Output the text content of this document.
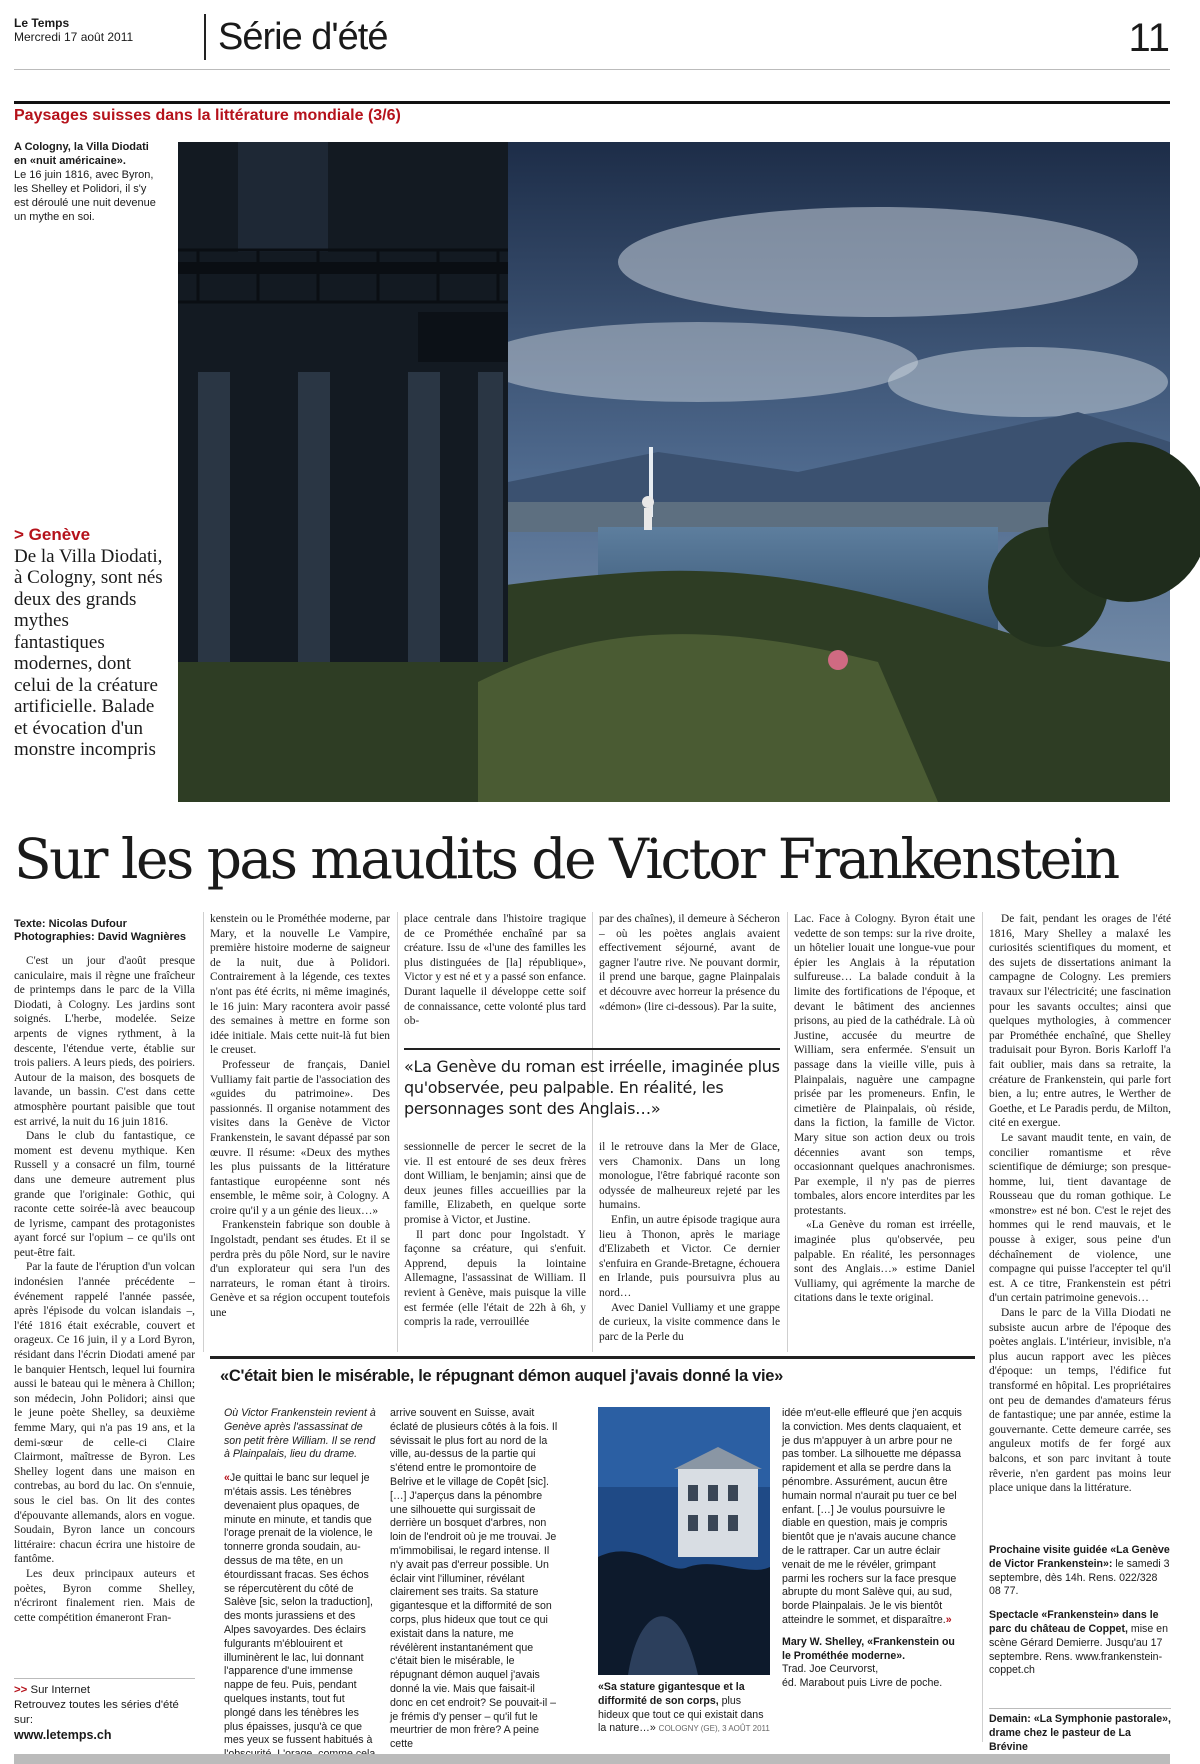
Le Temps
Mercredi 17 août 2011 Série d'été	11
Paysages suisses dans la littérature mondiale (3/6)
A Cologny, la Villa Diodati en «nuit américaine».
Le 16 juin 1816, avec Byron, les Shelley et Polidori, il s'y est déroulé une nuit devenue un mythe en soi.
> Genève
De la Villa Diodati, à Cologny, sont nés deux des grands mythes fantastiques modernes, dont celui de la créature artificielle. Balade et évocation d'un monstre incompris
Sur les pas maudits de Victor Frankenstein
Texte: Nicolas Dufour
Photographies: David Wagnières

C'est un jour d'août presque caniculaire, mais il règne une fraîcheur de printemps dans le parc de la Villa Diodati, à Cologny. Les jardins sont soignés. L'herbe, modelée. Seize arpents de vignes rythment, à la descente, l'étendue verte, établie sur trois paliers. A leurs pieds, des poiriers. Autour de la maison, des bosquets de lavande, un bassin. C'est dans cette atmosphère pourtant paisible que tout est arrivé, la nuit du 16 juin 1816.

Dans le club du fantastique, ce moment est devenu mythique. Ken Russell y a consacré un film, tourné dans une demeure autrement plus grande que l'originale: Gothic, qui raconte cette soirée-là avec beaucoup de lyrisme, campant des protagonistes ayant forcé sur l'opium – ce qu'ils ont peut-être fait.

Par la faute de l'éruption d'un volcan indonésien l'année précédente – événement rappelé l'année passée, après l'épisode du volcan islandais –, l'été 1816 était exécrable, couvert et orageux. Ce 16 juin, il y a Lord Byron, résidant dans l'écrin Diodati amené par le banquier Hentsch, lequel lui fournira aussi le bateau qui le mènera à Chillon; son médecin, John Polidori; ainsi que le jeune poète Shelley, sa deuxième femme Mary, qui n'a pas 19 ans, et la demi-sœur de celle-ci Claire Clairmont, maîtresse de Byron. Les Shelley logent dans une maison en contrebas, au bord du lac. On s'ennuie, sous le ciel bas. On lit des contes d'épouvante allemands, alors en vogue. Soudain, Byron lance un concours littéraire: chacun écrira une histoire de fantôme.

Les deux principaux auteurs et poètes, Byron comme Shelley, n'écriront finalement rien. Mais de cette compétition émaneront Fran-

kenstein ou le Prométhée moderne, par Mary, et la nouvelle Le Vampire, première histoire moderne de saigneur de la nuit, due à Polidori. Contrairement à la légende, ces textes n'ont pas été écrits, ni même imaginés, le 16 juin: Mary racontera avoir passé des semaines à mettre en forme son idée initiale. Mais cette nuit-là fut bien le creuset.

Professeur de français, Daniel Vulliamy fait partie de l'association des «guides du patrimoine». Des passionnés. Il organise notamment des visites dans la Genève de Victor Frankenstein, le savant dépassé par son œuvre. Il résume: «Deux des mythes les plus puissants de la littérature fantastique européenne sont nés ensemble, le même soir, à Cologny. A croire qu'il y a un génie des lieux…»

Frankenstein fabrique son double à Ingolstadt, pendant ses études. Et il se perdra près du pôle Nord, sur le navire d'un explorateur qui sera l'un des narrateurs, le roman étant à tiroirs. Genève et sa région occupent toutefois une

place centrale dans l'histoire tragique de ce Prométhée enchaîné par sa créature. Issu de «l'une des familles les plus distinguées de [la] république», Victor y est né et y a passé son enfance. Durant laquelle il développe cette soif de connaissance, cette volonté plus tard ob-

par des chaînes), il demeure à Sécheron – où les poètes anglais avaient effectivement séjourné, avant de gagner l'autre rive. Ne pouvant dormir, il prend une barque, gagne Plainpalais et découvre avec horreur la présence du «démon» (lire ci-dessous). Par la suite,

«La Genève du roman est irréelle, imaginée plus qu'observée, peu palpable. En réalité, les personnages sont des Anglais…»

sessionnelle de percer le secret de la vie. Il est entouré de ses deux frères dont William, le benjamin; ainsi que de deux jeunes filles accueillies par la famille, Elizabeth, en quelque sorte promise à Victor, et Justine.

Il part donc pour Ingolstadt. Y façonne sa créature, qui s'enfuit. Apprend, depuis la lointaine Allemagne, l'assassinat de William. Il revient à Genève, mais puisque la ville est fermée (elle l'était de 22h à 6h, y compris la rade, verrouillée

il le retrouve dans la Mer de Glace, vers Chamonix. Dans un long monologue, l'être fabriqué raconte son odyssée de malheureux rejeté par les humains.

Enfin, un autre épisode tragique aura lieu à Thonon, après le mariage d'Elizabeth et Victor. Ce dernier s'enfuira en Grande-Bretagne, échouera en Irlande, puis poursuivra plus au nord…

Avec Daniel Vulliamy et une grappe de curieux, la visite commence dans le parc de la Perle du

Lac. Face à Cologny. Byron était une vedette de son temps: sur la rive droite, un hôtelier louait une longue-vue pour épier les Anglais à la réputation sulfureuse… La balade conduit à la limite des fortifications de l'époque, et devant le bâtiment des anciennes prisons, au pied de la cathédrale. Là où Justine, accusée du meurtre de William, sera enfermée. S'ensuit un passage dans la vieille ville, puis à Plainpalais, naguère une campagne prisée par les promeneurs. Enfin, le cimetière de Plainpalais, où réside, dans la fiction, la famille de Victor. Mary situe son action deux ou trois décennies avant son temps, occasionnant quelques anachronismes. Par exemple, il n'y pas de pierres tombales, alors encore interdites par les protestants.

«La Genève du roman est irréelle, imaginée plus qu'observée, peu palpable. En réalité, les personnages sont des Anglais…» estime Daniel Vulliamy, qui agrémente la marche de citations dans le texte original.

De fait, pendant les orages de l'été 1816, Mary Shelley a malaxé les curiosités scientifiques du moment, et des sujets de dissertations animant la campagne de Cologny. Les premiers travaux sur l'électricité; une fascination pour les savants occultes; ainsi que quelques mythologies, à commencer par Prométhée enchaîné, que Shelley traduisait pour Byron. Boris Karloff l'a fait oublier, mais dans sa retraite, la créature de Frankenstein, qui parle fort bien, a lu; entre autres, le Werther de Goethe, et Le Paradis perdu, de Milton, cité en exergue.

Le savant maudit tente, en vain, de concilier romantisme et rêve scientifique de démiurge; son presque-homme, lui, tient davantage de Rousseau que du roman gothique. Le «monstre» est né bon. C'est le rejet des hommes qui le rend mauvais, et le pousse à exiger, sous peine d'un déchaînement de violence, une compagne qui puisse l'accepter tel qu'il est. A ce titre, Frankenstein est pétri d'un certain patrimoine genevois…

Dans le parc de la Villa Diodati ne subsiste aucun arbre de l'époque des poètes anglais. L'intérieur, invisible, n'a plus aucun rapport avec les pièces d'époque: un temps, l'édifice fut transformé en hôpital. Les propriétaires ont peu de demandes d'amateurs férus de fantastique; une par année, estime la gouvernante. Cette demeure carrée, ses anguleux motifs de fer forgé aux balcons, et son parc invitant à toute rêverie, n'en gardent pas moins leur place unique dans la littérature.

«C'était bien le misérable, le répugnant démon auquel j'avais donné la vie»
Où Victor Frankenstein revient à Genève après l'assassinat de son petit frère William. Il se rend à Plainpalais, lieu du drame.
«Je quittai le banc sur lequel je m'étais assis. Les ténèbres devenaient plus opaques, de minute en minute, et tandis que l'orage prenait de la violence, le tonnerre gronda soudain, au-dessus de ma tête, en un étourdissant fracas. Ses échos se répercutèrent du côté de Salève [sic, selon la traduction], des monts jurassiens et des Alpes savoyardes. Des éclairs fulgurants m'éblouirent et illuminèrent le lac, lui donnant l'apparence d'une immense nappe de feu. Puis, pendant quelques instants, tout fut plongé dans les ténèbres les plus épaisses, jusqu'à ce que mes yeux se fussent habitués à
arrive souvent en Suisse, avait éclaté de plusieurs côtés à la fois. Il sévissait le plus fort au nord de la ville, au-dessus de la partie qui s'étend entre le promontoire de Belrive et le village de Copêt [sic]. […] J'aperçus dans la pénombre une silhouette qui surgissait de derrière un bosquet d'arbres, non loin de l'endroit où je me trouvai. Je m'immobilisai, le regard intense. Il n'y avait pas d'erreur possible. Un éclair vint l'illuminer, révélant clairement ses traits. Sa stature gigantesque et la difformité de son corps, plus hideux que tout ce qui existait dans la nature, me révélèrent instantanément que c'était bien le misérable, le répugnant démon auquel j'avais donné la vie. Mais que faisait-il donc en cet endroit? Se pouvait-il – je frémis d'y penser – qu'il fut le meurtrier de mon frère? A peine cette
«Sa stature gigantesque et la difformité de son corps, plus hideux que tout ce qui existait dans la nature…» COLOGNY (GE), 3 AOÛT 2011
idée m'eut-elle effleuré que j'en acquis la conviction. Mes dents claquaient, et je dus m'appuyer à un arbre pour ne pas tomber. La silhouette me dépassa rapidement et alla se perdre dans la pénombre. Assurément, aucun être humain normal n'aurait pu tuer ce bel enfant. […] Je voulus poursuivre le diable en question, mais je compris bientôt que je n'avais aucune chance de le rattraper. Car un autre éclair venait de me le révéler, grimpant parmi les rochers sur la face presque abrupte du mont Salève qui, au sud, borde Plainpalais. Je le vis bientôt atteindre le sommet, et disparaître.»
Mary W. Shelley, «Frankenstein ou le Prométhée moderne».
Trad. Joe Ceurvorst,
éd. Marabout puis Livre de poche.
>> Sur Internet
Retrouvez toutes les séries d'été sur:
www.letemps.ch

Prochaine visite guidée «La Genève de Victor Frankenstein»: le samedi 3 septembre, dès 14h. Rens. 022/328 08 77.

Spectacle «Frankenstein» dans le parc du château de Coppet, mise en scène Gérard Demierre. Jusqu'au 17 septembre. Rens. www.frankenstein-coppet.ch

Demain: «La Symphonie pastorale», drame chez le pasteur de La Brévine
